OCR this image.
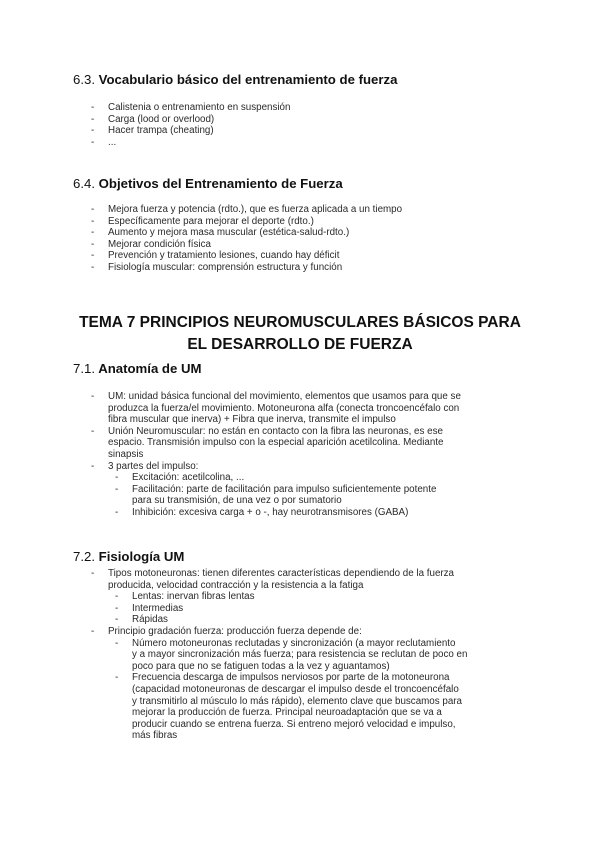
6.3. Vocabulario básico del entrenamiento de fuerza
- Calistenia o entrenamiento en suspensión
- Carga (lood or overlood)
- Hacer trampa (cheating)
- ...
6.4. Objetivos del Entrenamiento de Fuerza
- Mejora fuerza y potencia (rdto.), que es fuerza aplicada a un tiempo
- Específicamente para mejorar el deporte (rdto.)
- Aumento y mejora masa muscular (estética-salud-rdto.)
- Mejorar condición física
- Prevención y tratamiento lesiones, cuando hay déficit
- Fisiología muscular: comprensión estructura y función
TEMA 7 PRINCIPIOS NEUROMUSCULARES BÁSICOS PARA
EL DESARROLLO DE FUERZA
7.1. Anatomía de UM
- UM: unidad básica funcional del movimiento, elementos que usamos para que se
produzca la fuerza/el movimiento. Motoneurona alfa (conecta troncoencéfalo con
fibra muscular que inerva) + Fibra que inerva, transmite el impulso
- Unión Neuromuscular: no están en contacto con la fibra las neuronas, es ese
espacio. Transmisión impulso con la especial aparición acetilcolina. Mediante
sinapsis
- 3 partes del impulso:
- Excitación: acetilcolina, ...
- Facilitación: parte de facilitación para impulso suficientemente potente
para su transmisión, de una vez o por sumatorio
- Inhibición: excesiva carga + o -, hay neurotransmisores (GABA)
7.2. Fisiología UM
- Tipos motoneuronas: tienen diferentes características dependiendo de la fuerza
producida, velocidad contracción y la resistencia a la fatiga
- Lentas: inervan fibras lentas
- Intermedias
- Rápidas
- Principio gradación fuerza: producción fuerza depende de:
- Número motoneuronas reclutadas y sincronización (a mayor reclutamiento
y a mayor sincronización más fuerza; para resistencia se reclutan de poco en
poco para que no se fatiguen todas a la vez y aguantamos)
- Frecuencia descarga de impulsos nerviosos por parte de la motoneurona
(capacidad motoneuronas de descargar el impulso desde el troncoencéfalo
y transmitirlo al músculo lo más rápido), elemento clave que buscamos para
mejorar la producción de fuerza. Principal neuroadaptación que se va a
producir cuando se entrena fuerza. Si entreno mejoró velocidad e impulso,
más fibras
